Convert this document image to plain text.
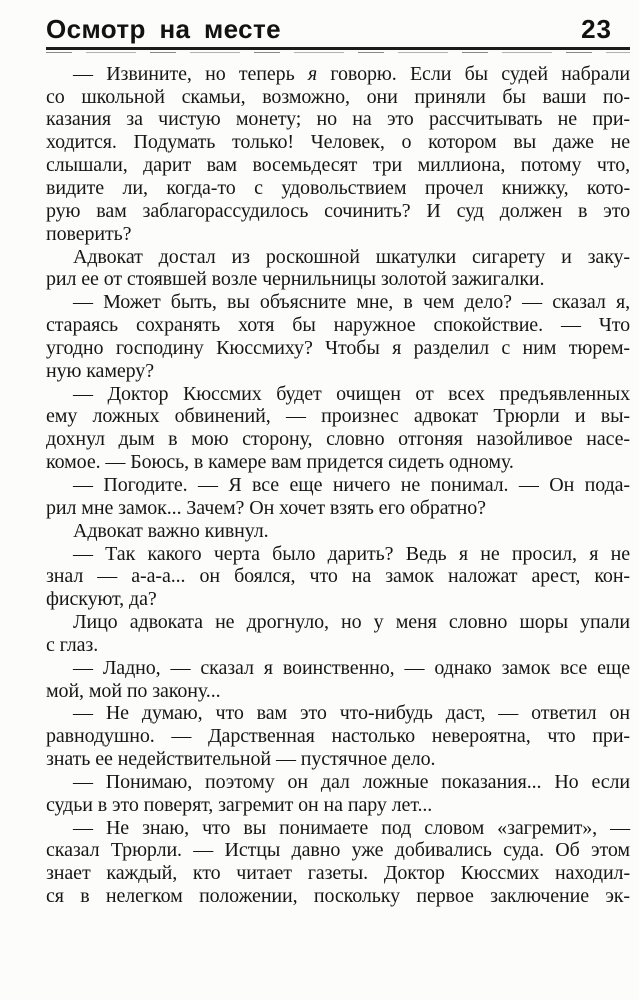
Осмотр на месте	23
— Извините, но теперь я говорю. Если бы судей набрали
со школьной скамьи, возможно, они приняли бы ваши по-
казания за чистую монету; но на это рассчитывать не при-
ходится. Подумать только! Человек, о котором вы даже не
слышали, дарит вам восемьдесят три миллиона, потому что,
видите ли, когда-то с удовольствием прочел книжку, кото-
рую вам заблагорассудилось сочинить? И суд должен в это
поверить?
Адвокат достал из роскошной шкатулки сигарету и заку-
рил ее от стоявшей возле чернильницы золотой зажигалки.
— Может быть, вы объясните мне, в чем дело? — сказал я,
стараясь сохранять хотя бы наружное спокойствие. — Что
угодно господину Кюссмиху? Чтобы я разделил с ним тюрем-
ную камеру?
— Доктор Кюссмих будет очищен от всех предъявленных
ему ложных обвинений, — произнес адвокат Трюрли и вы-
дохнул дым в мою сторону, словно отгоняя назойливое насе-
комое. — Боюсь, в камере вам придется сидеть одному.
— Погодите. — Я все еще ничего не понимал. — Он пода-
рил мне замок... Зачем? Он хочет взять его обратно?
Адвокат важно кивнул.
— Так какого черта было дарить? Ведь я не просил, я не
знал — а-а-а... он боялся, что на замок наложат арест, кон-
фискуют, да?
Лицо адвоката не дрогнуло, но у меня словно шоры упали
с глаз.
— Ладно, — сказал я воинственно, — однако замок все еще
мой, мой по закону...
— Не думаю, что вам это что-нибудь даст, — ответил он
равнодушно. — Дарственная настолько невероятна, что при-
знать ее недействительной — пустячное дело.
— Понимаю, поэтому он дал ложные показания... Но если
судьи в это поверят, загремит он на пару лет...
— Не знаю, что вы понимаете под словом «загремит», —
сказал Трюрли. — Истцы давно уже добивались суда. Об этом
знает каждый, кто читает газеты. Доктор Кюссмих находил-
ся в нелегком положении, поскольку первое заключение эк-
